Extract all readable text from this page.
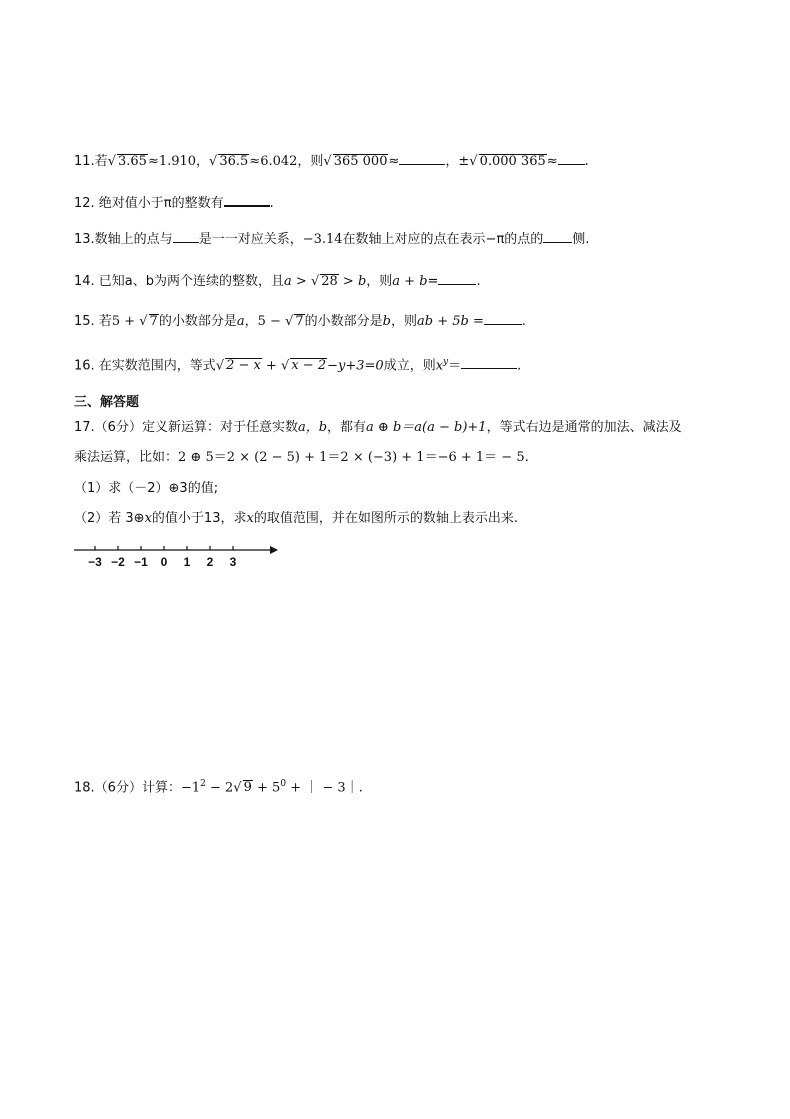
11.若√ 3.65≈1.910，√ 36.5≈6.042，则√ 365 000≈	，±√ 0.000 365≈ .
12. 绝对值小于π的整数有	.
13.数轴上的点与 是一一对应关系，−3.14在数轴上对应的点在表示−π的点的 侧.
14. 已知a、b为两个连续的整数，且a > √ 28 > b，则a + b=	.
15. 若5 + √ 7的小数部分是a，5 − √ 7的小数部分是b，则ab + 5b =	.
16. 在实数范围内，等式√ 2 − x + √ x − 2−y+3=0成立，则$x^y=$	.
三、解答题
17.（6分）定义新运算：对于任意实数a，b，都有a ⊕ b＝a(a − b)+1，等式右边是通常的加法、减法及
乘法运算，比如：2 ⊕ 5＝2 × (2 − 5) + 1＝2 × (−3) + 1＝−6 + 1＝ − 5.
（1）求（－2）⊕3的值;
（2）若 3⊕x的值小于13，求x的取值范围，并在如图所示的数轴上表示出来.
−3 −2 −1 0 1 2 3
18.（6分）计算：$-1^2 - 2√$ $9 + 5^0$ + ｜ − 3｜.
